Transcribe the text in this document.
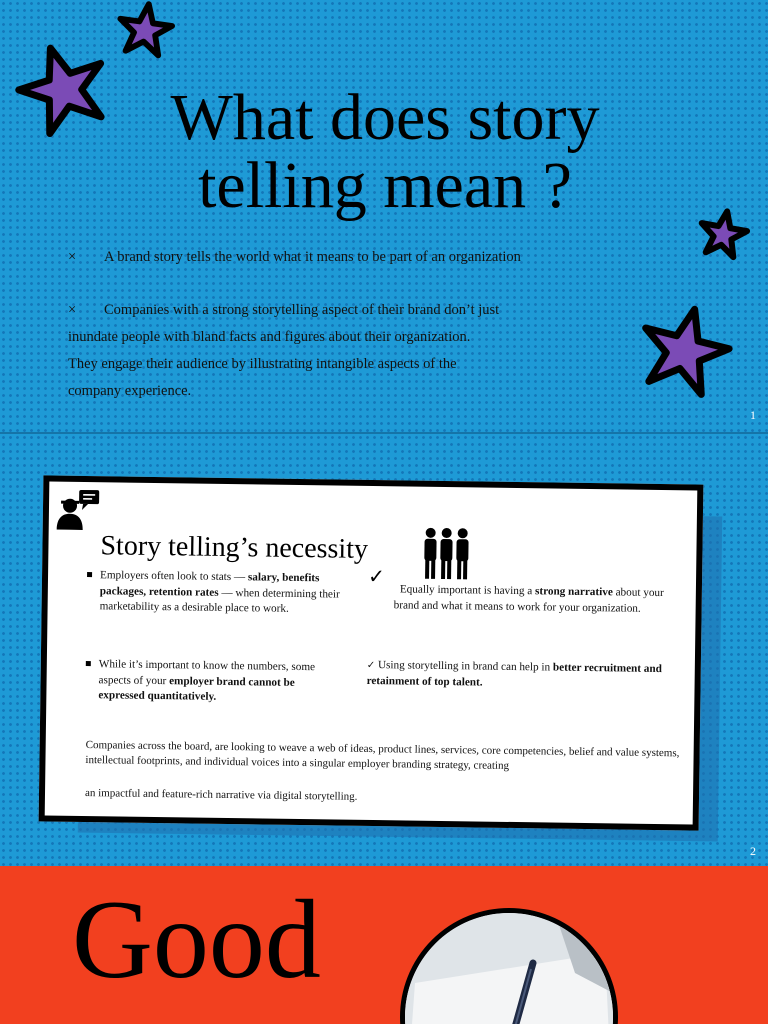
What does story
telling mean ?
× A brand story tells the world what it means to be part of an organization
× Companies with a strong storytelling aspect of their brand don’t just
inundate people with bland facts and figures about their organization.
They engage their audience by illustrating intangible aspects of the
company experience.
1
Story telling’s necessity
Employers often look to stats — salary, benefits packages, retention rates — when determining their marketability as a desirable place to work.
While it’s important to know the numbers, some aspects of your employer brand cannot be expressed quantitatively.
✓
Equally important is having a strong narrative about your brand and what it means to work for your organization.
✓ Using storytelling in brand can help in better recruitment and retainment of top talent.
Companies across the board, are looking to weave a web of ideas, product lines, services, core competencies, belief and value systems, intellectual footprints, and individual voices into a singular employer branding strategy, creating
an impactful and feature-rich narrative via digital storytelling.
2
Good
